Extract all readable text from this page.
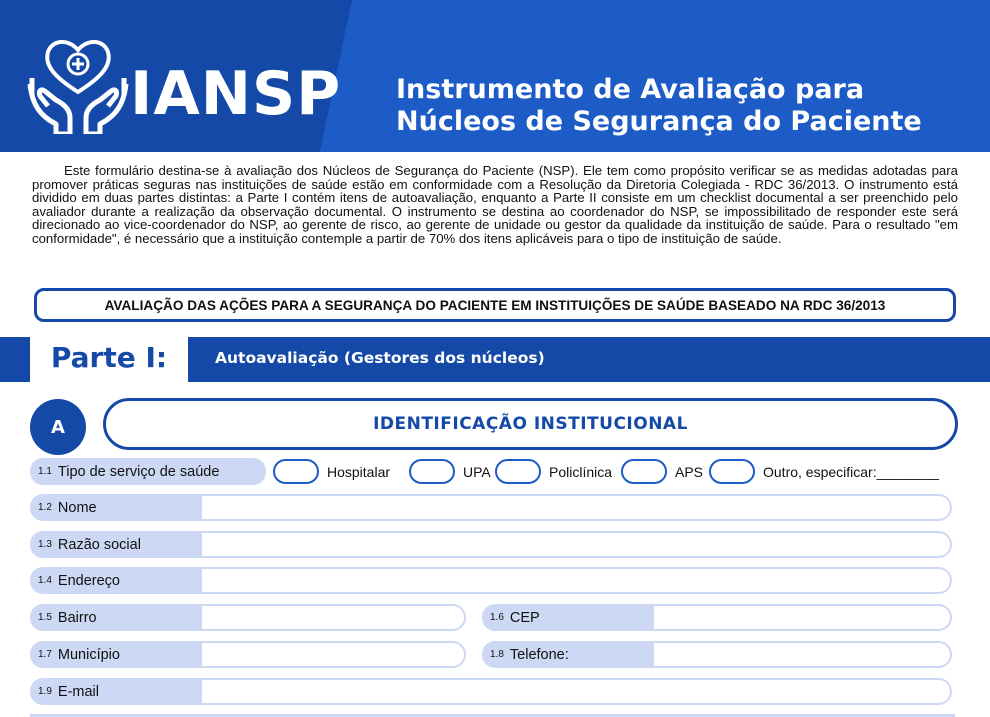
IANSP Instrumento de Avaliação para
Núcleos de Segurança do Paciente

Este formulário destina-se à avaliação dos Núcleos de Segurança do Paciente (NSP). Ele tem como propósito verificar se as medidas adotadas para promover práticas seguras nas instituições de saúde estão em conformidade com a Resolução da Diretoria Colegiada - RDC 36/2013. O instrumento está dividido em duas partes distintas: a Parte I contém itens de autoavaliação, enquanto a Parte II consiste em um checklist documental a ser preenchido pelo avaliador durante a realização da observação documental. O instrumento se destina ao coordenador do NSP, se impossibilitado de responder este será direcionado ao vice-coordenador do NSP, ao gerente de risco, ao gerente de unidade ou gestor da qualidade da instituição de saúde. Para o resultado "em conformidade", é necessário que a instituição contemple a partir de 70% dos itens aplicáveis para o tipo de instituição de saúde.

AVALIAÇÃO DAS AÇÕES PARA A SEGURANÇA DO PACIENTE EM INSTITUIÇÕES DE SAÚDE BASEADO NA RDC 36/2013
Parte I:	Autoavaliação (Gestores dos núcleos)
A	IDENTIFICAÇÃO INSTITUCIONAL
1.1 Tipo de serviço de saúde	Hospitalar	UPA	Policlínica	APS	Outro, especificar:________
1.2 Nome
1.3 Razão social
1.4 Endereço
1.5 Bairro	1.6 CEP
1.7 Município	1.8 Telefone:
1.9 E-mail
